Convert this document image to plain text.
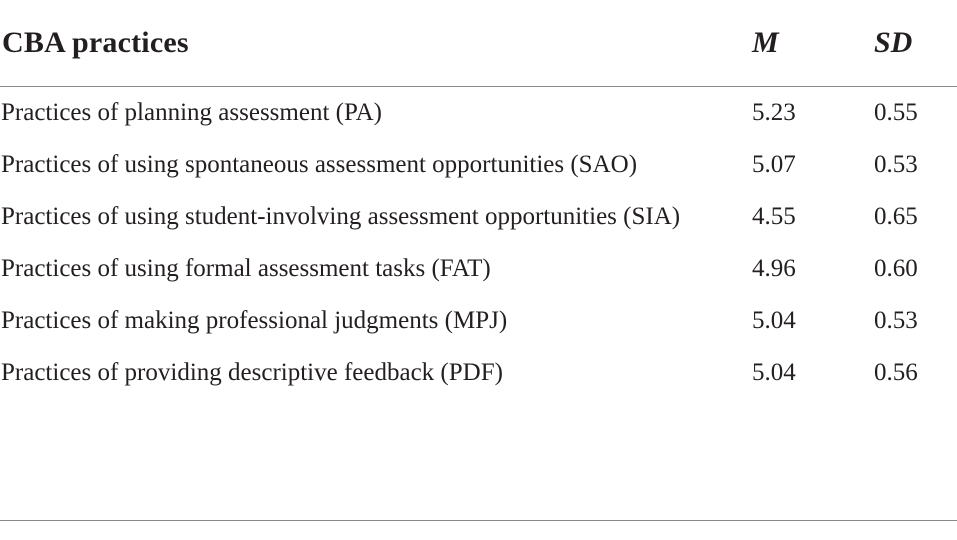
CBA practices	M	SD
Practices of planning assessment (PA)	5.23	0.55
Practices of using spontaneous assessment opportunities (SAO)	5.07	0.53
Practices of using student-involving assessment opportunities (SIA)	4.55	0.65
Practices of using formal assessment tasks (FAT)	4.96	0.60
Practices of making professional judgments (MPJ)	5.04	0.53
Practices of providing descriptive feedback (PDF)	5.04	0.56
